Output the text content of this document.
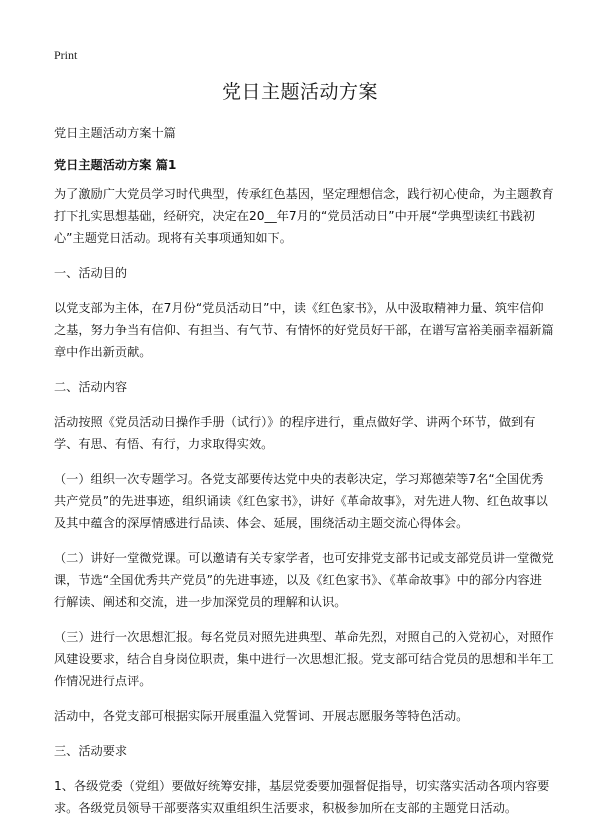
Print
党日主题活动方案

党日主题活动方案十篇

党日主题活动方案 篇1

为了激励广大党员学习时代典型，传承红色基因，坚定理想信念，践行初心使命，为主题教育打下扎实思想基础，经研究，决定在20__年7月的“党员活动日”中开展“学典型读红书践初心”主题党日活动。现将有关事项通知如下。

一、活动目的

以党支部为主体，在7月份“党员活动日”中，读《红色家书》，从中汲取精神力量、筑牢信仰之基，努力争当有信仰、有担当、有气节、有情怀的好党员好干部，在谱写富裕美丽幸福新篇章中作出新贡献。

二、活动内容

活动按照《党员活动日操作手册（试行）》的程序进行，重点做好学、讲两个环节，做到有学、有思、有悟、有行，力求取得实效。

（一）组织一次专题学习。各党支部要传达党中央的表彰决定，学习郑德荣等7名“全国优秀共产党员”的先进事迹，组织诵读《红色家书》，讲好《革命故事》，对先进人物、红色故事以及其中蕴含的深厚情感进行品读、体会、延展，围绕活动主题交流心得体会。

（二）讲好一堂微党课。可以邀请有关专家学者，也可安排党支部书记或支部党员讲一堂微党课，节选“全国优秀共产党员”的先进事迹，以及《红色家书》、《革命故事》中的部分内容进行解读、阐述和交流，进一步加深党员的理解和认识。

（三）进行一次思想汇报。每名党员对照先进典型、革命先烈，对照自己的入党初心，对照作风建设要求，结合自身岗位职责，集中进行一次思想汇报。党支部可结合党员的思想和半年工作情况进行点评。

活动中，各党支部可根据实际开展重温入党誓词、开展志愿服务等特色活动。

三、活动要求

1、各级党委（党组）要做好统筹安排，基层党委要加强督促指导，切实落实活动各项内容要求。各级党员领导干部要落实双重组织生活要求，积极参加所在支部的主题党日活动。
